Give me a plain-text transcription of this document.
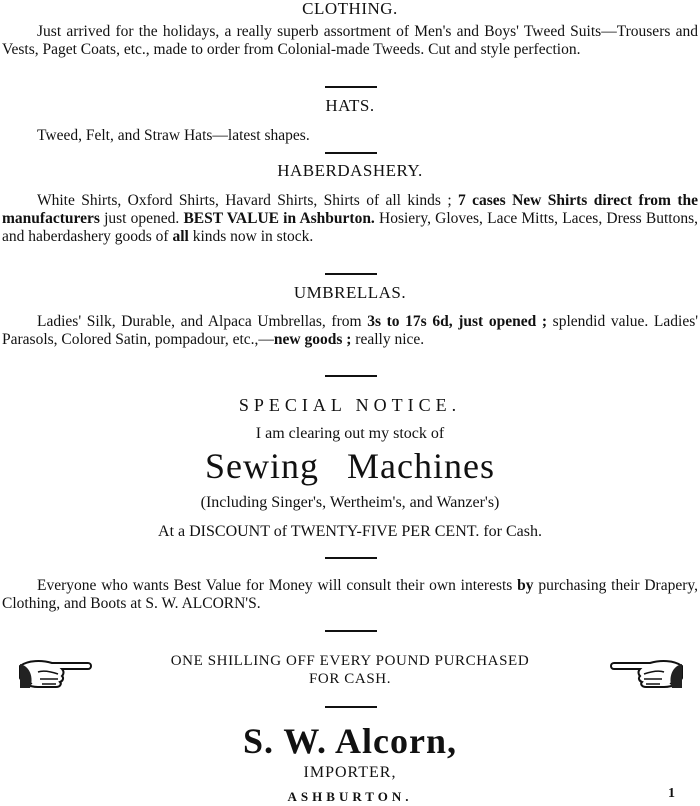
CLOTHING.
Just arrived for the holidays, a really superb assortment of Men's and Boys' Tweed Suits—Trousers and Vests, Paget Coats, etc., made to order from Colonial-made Tweeds. Cut and style perfection.
HATS.
Tweed, Felt, and Straw Hats—latest shapes.
HABERDASHERY.
White Shirts, Oxford Shirts, Havard Shirts, Shirts of all kinds ; 7 cases New Shirts direct from the manufacturers just opened. BEST VALUE in Ashburton. Hosiery, Gloves, Lace Mitts, Laces, Dress Buttons, and haberdashery goods of all kinds now in stock.
UMBRELLAS.
Ladies' Silk, Durable, and Alpaca Umbrellas, from 3s to 17s 6d, just opened ; splendid value. Ladies' Parasols, Colored Satin, pompadour, etc.,—new goods ; really nice.
SPECIAL NOTICE.
I am clearing out my stock of
Sewing Machines
(Including Singer's, Wertheim's, and Wanzer's)
At a DISCOUNT of TWENTY-FIVE PER CENT. for Cash.
Everyone who wants Best Value for Money will consult their own interests by purchasing their Drapery, Clothing, and Boots at S. W. ALCORN'S.
ONE SHILLING OFF EVERY POUND PURCHASED
FOR CASH.
S. W. Alcorn,
IMPORTER,
ASHBURTON.	1
